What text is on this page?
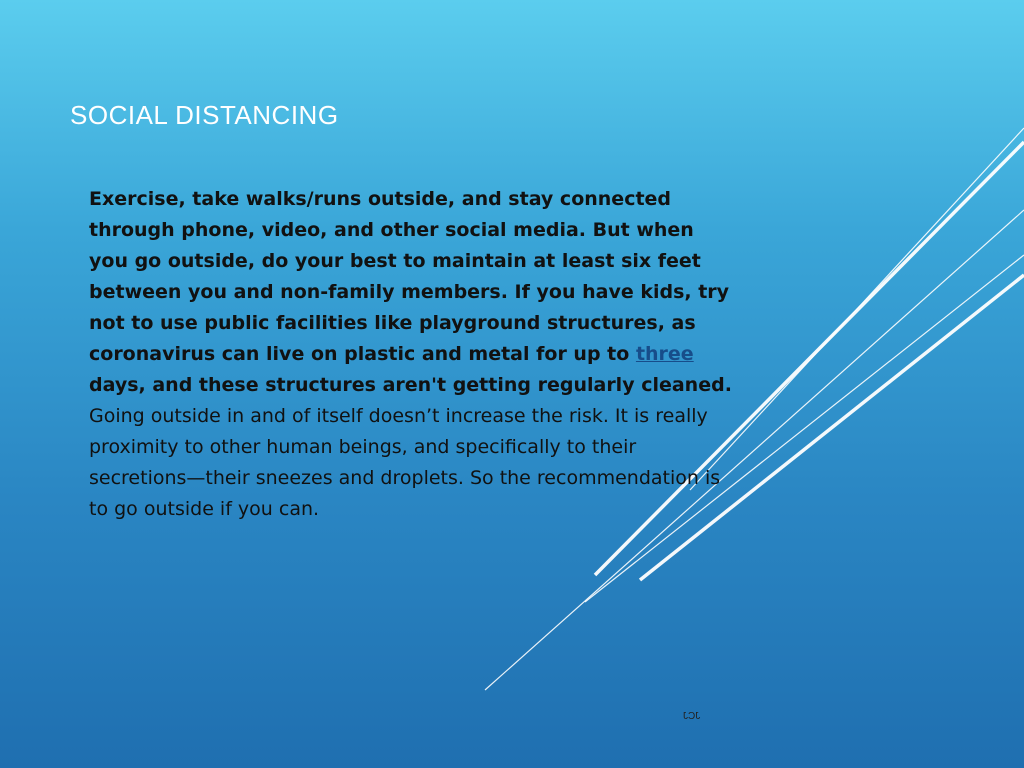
SOCIAL DISTANCING

Exercise, take walks/runs outside, and stay connected through phone, video, and other social media. But when you go outside, do your best to maintain at least six feet between you and non-family members. If you have kids, try not to use public facilities like playground structures, as coronavirus can live on plastic and metal for up to three days, and these structures aren't getting regularly cleaned.

Going outside in and of itself doesn’t increase the risk. It is really proximity to other human beings, and specifically to their secretions—their sneezes and droplets. So the recommendation is to go outside if you can.

JCJ
